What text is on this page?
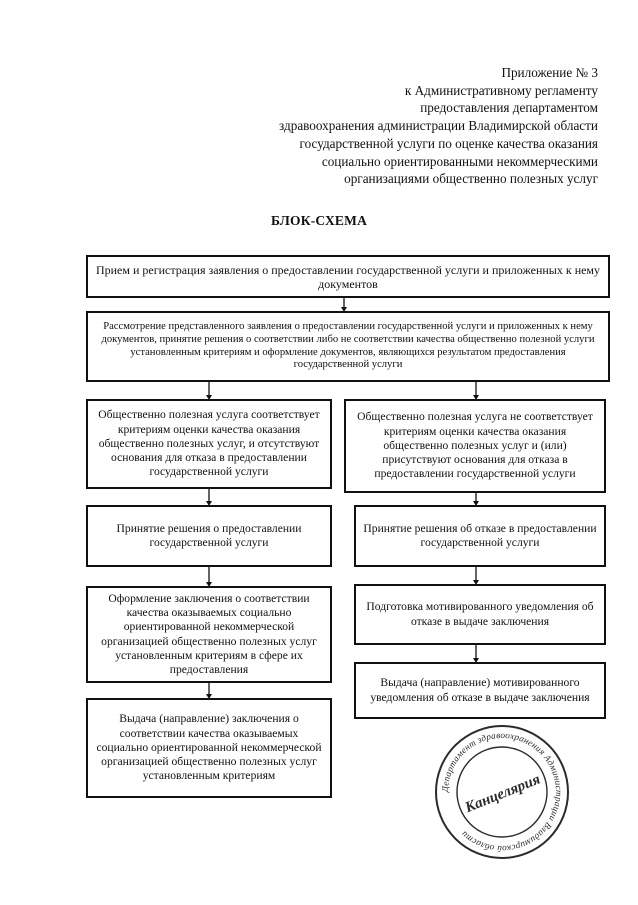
Приложение № 3
к Административному регламенту
предоставления департаментом
здравоохранения администрации Владимирской области
государственной услуги по оценке качества оказания
социально ориентированными некоммерческими
организациями общественно полезных услуг
БЛОК-СХЕМА
Прием и регистрация заявления о предоставлении государственной услуги и приложенных к нему документов
Рассмотрение представленного заявления о предоставлении государственной услуги и приложенных к нему документов, принятие решения о соответствии либо не соответствии качества общественно полезной услуги установленным критериям и оформление документов, являющихся результатом предоставления государственной услуги
Общественно полезная услуга соответствует критериям оценки качества оказания общественно полезных услуг, и отсутствуют основания для отказа в предоставлении государственной услуги
Общественно полезная услуга не соответствует критериям оценки качества оказания общественно полезных услуг и (или) присутствуют основания для отказа в предоставлении государственной услуги
Принятие решения о предоставлении государственной услуги
Принятие решения об отказе в предоставлении государственной услуги
Оформление заключения о соответствии качества оказываемых социально ориентированной некоммерческой организацией общественно полезных услуг установленным критериям в сфере их предоставления
Подготовка мотивированного уведомления об отказе в выдаче заключения
Выдача (направление) заключения о соответствии качества оказываемых социально ориентированной некоммерческой организацией общественно полезных услуг установленным критериям
Выдача (направление) мотивированного уведомления об отказе в выдаче заключения
Департамент здравоохранения Администрации Владимирской области
Канцелярия
